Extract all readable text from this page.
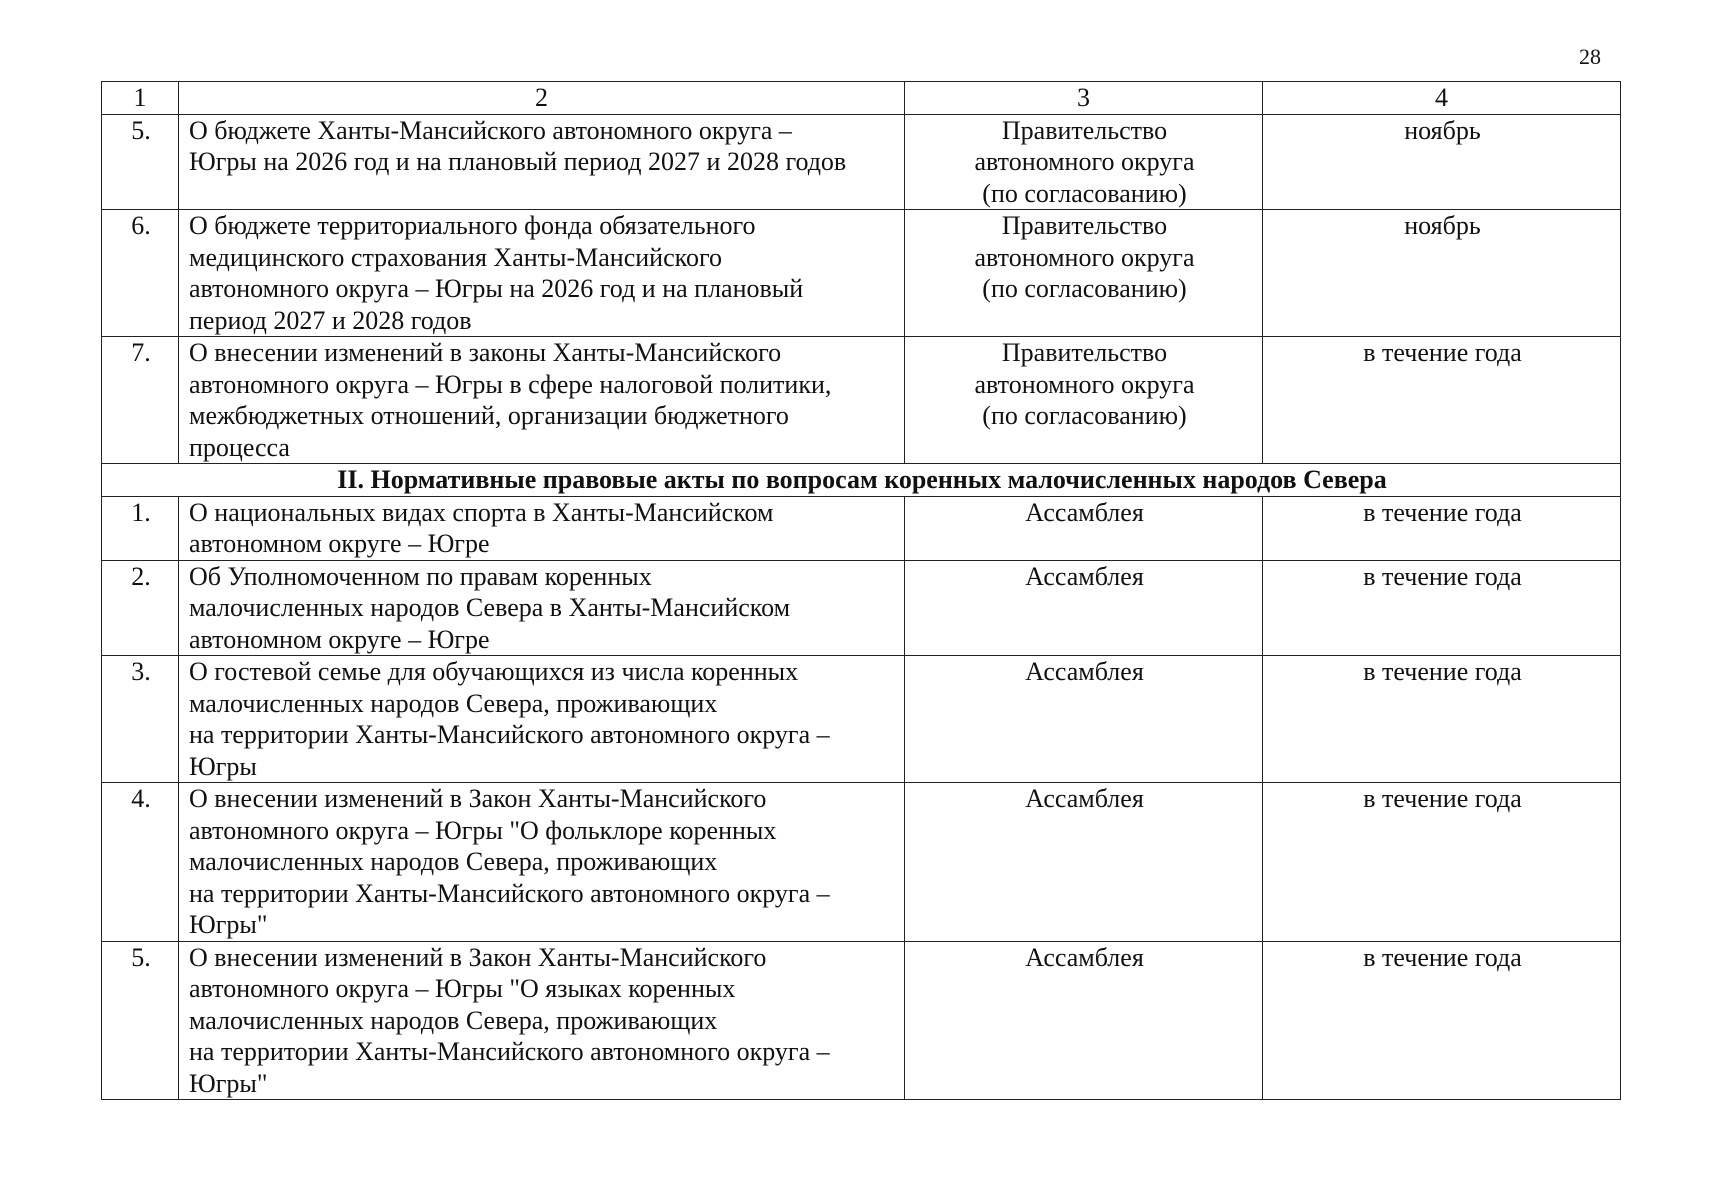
28
1	2	3	4
5.	О бюджете Ханты-Мансийского автономного округа –
Югры на 2026 год и на плановый период 2027 и 2028 годов	Правительство
автономного округа
(по согласованию)	ноябрь
6.	О бюджете территориального фонда обязательного
медицинского страхования Ханты-Мансийского
автономного округа – Югры на 2026 год и на плановый
период 2027 и 2028 годов	Правительство
автономного округа
(по согласованию)	ноябрь
7.	О внесении изменений в законы Ханты-Мансийского
автономного округа – Югры в сфере налоговой политики,
межбюджетных отношений, организации бюджетного
процесса	Правительство
автономного округа
(по согласованию)	в течение года
II. Нормативные правовые акты по вопросам коренных малочисленных народов Севера			
1.	О национальных видах спорта в Ханты-Мансийском
автономном округе – Югре	Ассамблея	в течение года
2.	Об Уполномоченном по правам коренных
малочисленных народов Севера в Ханты-Мансийском
автономном округе – Югре	Ассамблея	в течение года
3.	О гостевой семье для обучающихся из числа коренных
малочисленных народов Севера, проживающих
на территории Ханты-Мансийского автономного округа –
Югры	Ассамблея	в течение года
4.	О внесении изменений в Закон Ханты-Мансийского
автономного округа – Югры "О фольклоре коренных
малочисленных народов Севера, проживающих
на территории Ханты-Мансийского автономного округа –
Югры"	Ассамблея	в течение года
5.	О внесении изменений в Закон Ханты-Мансийского
автономного округа – Югры "О языках коренных
малочисленных народов Севера, проживающих
на территории Ханты-Мансийского автономного округа –
Югры"	Ассамблея	в течение года
